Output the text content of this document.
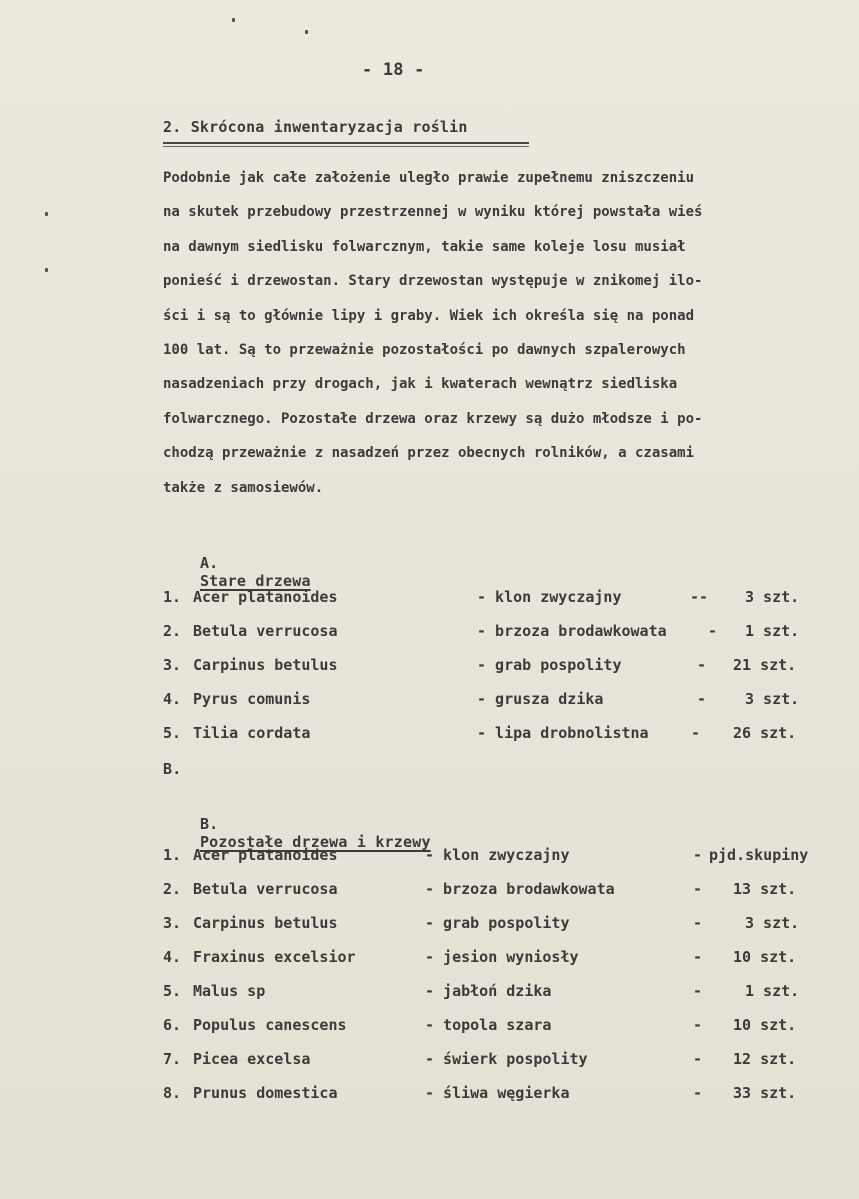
- 18 -
2. Skrócona inwentaryzacja roślin
Podobnie jak całe założenie uległo prawie zupełnemu zniszczeniu
na skutek przebudowy przestrzennej w wyniku której powstała wieś
na dawnym siedlisku folwarcznym, takie same koleje losu musiał
ponieść i drzewostan. Stary drzewostan występuje w znikomej ilo-
ści i są to głównie lipy i graby. Wiek ich określa się na ponad
100 lat. Są to przeważnie pozostałości po dawnych szpalerowych
nasadzeniach przy drogach, jak i kwaterach wewnątrz siedliska
folwarcznego. Pozostałe drzewa oraz krzewy są dużo młodsze i po-
chodzą przeważnie z nasadzeń przez obecnych rolników, a czasami
także z samosiewów.

A.
Stare drzewa

1. Acer platanoides	- klon zwyczajny	-- 3 szt.
2. Betula verrucosa	- brzoza brodawkowata	- 1 szt.
3. Carpinus betulus	- grab pospolity	- 21 szt.
4. Pyrus comunis	- grusza dzika	-	3 szt.
5. Tilia cordata	- lipa drobnolistna	- 26 szt.
B.

B.
Pozostałe drzewa i krzewy

1. Acer platanoides	- klon zwyczajny	- pjd.skupiny
2. Betula verrucosa	- brzoza brodawkowata	- 13 szt.
3. Carpinus betulus	- grab pospolity	-	3 szt.
4. Fraxinus excelsior	- jesion wyniosły	- 10 szt.
5. Malus sp	- jabłoń dzika	-	1 szt.
6. Populus canescens	- topola szara	- 10 szt.
7. Picea excelsa	- świerk pospolity	- 12 szt.
8. Prunus domestica	- śliwa węgierka	- 33 szt.
